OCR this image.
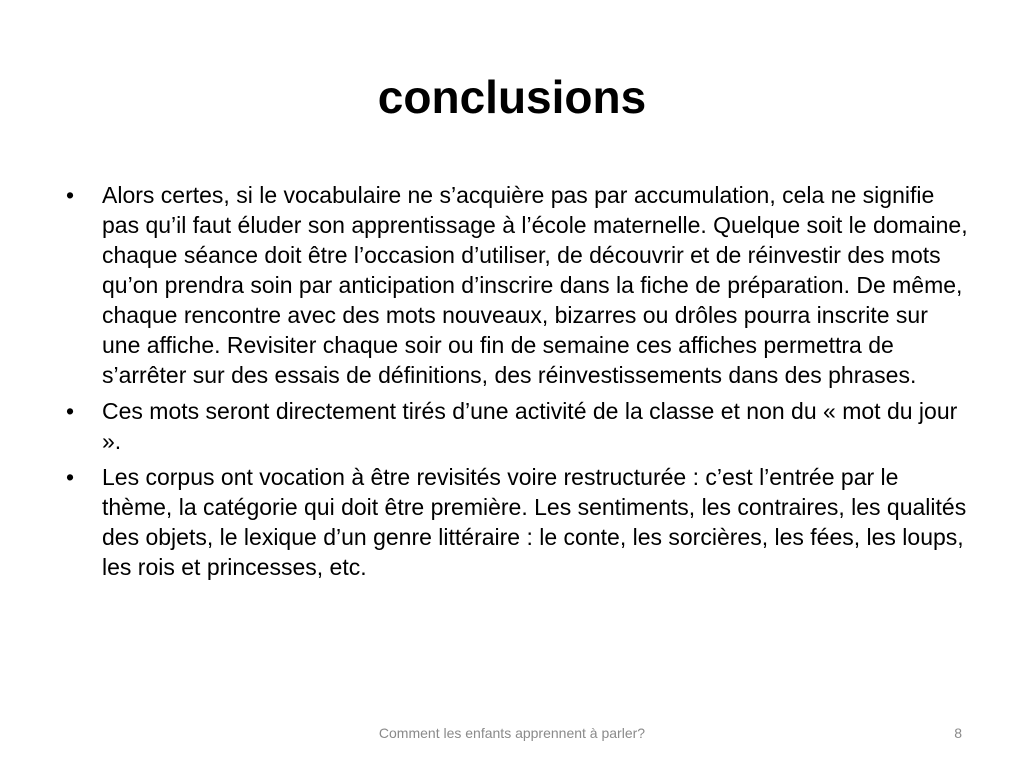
conclusions
• Alors certes, si le vocabulaire ne s’acquière pas par accumulation, cela ne signifie pas qu’il faut éluder son apprentissage à l’école maternelle. Quelque soit le domaine, chaque séance doit être l’occasion d’utiliser, de découvrir et de réinvestir des mots qu’on prendra soin par anticipation d’inscrire dans la fiche de préparation. De même, chaque rencontre avec des mots nouveaux, bizarres ou drôles pourra inscrite sur une affiche. Revisiter chaque soir ou fin de semaine ces affiches permettra de s’arrêter sur des essais de définitions, des réinvestissements dans des phrases.
• Ces mots seront directement tirés d’une activité de la classe et non du « mot du jour ».
• Les corpus ont vocation à être revisités voire restructurée : c’est l’entrée par le thème, la catégorie qui doit être première. Les sentiments, les contraires, les qualités des objets, le lexique d’un genre littéraire : le conte, les sorcières, les fées, les loups, les rois et princesses, etc.
Comment les enfants apprennent à parler?	8
